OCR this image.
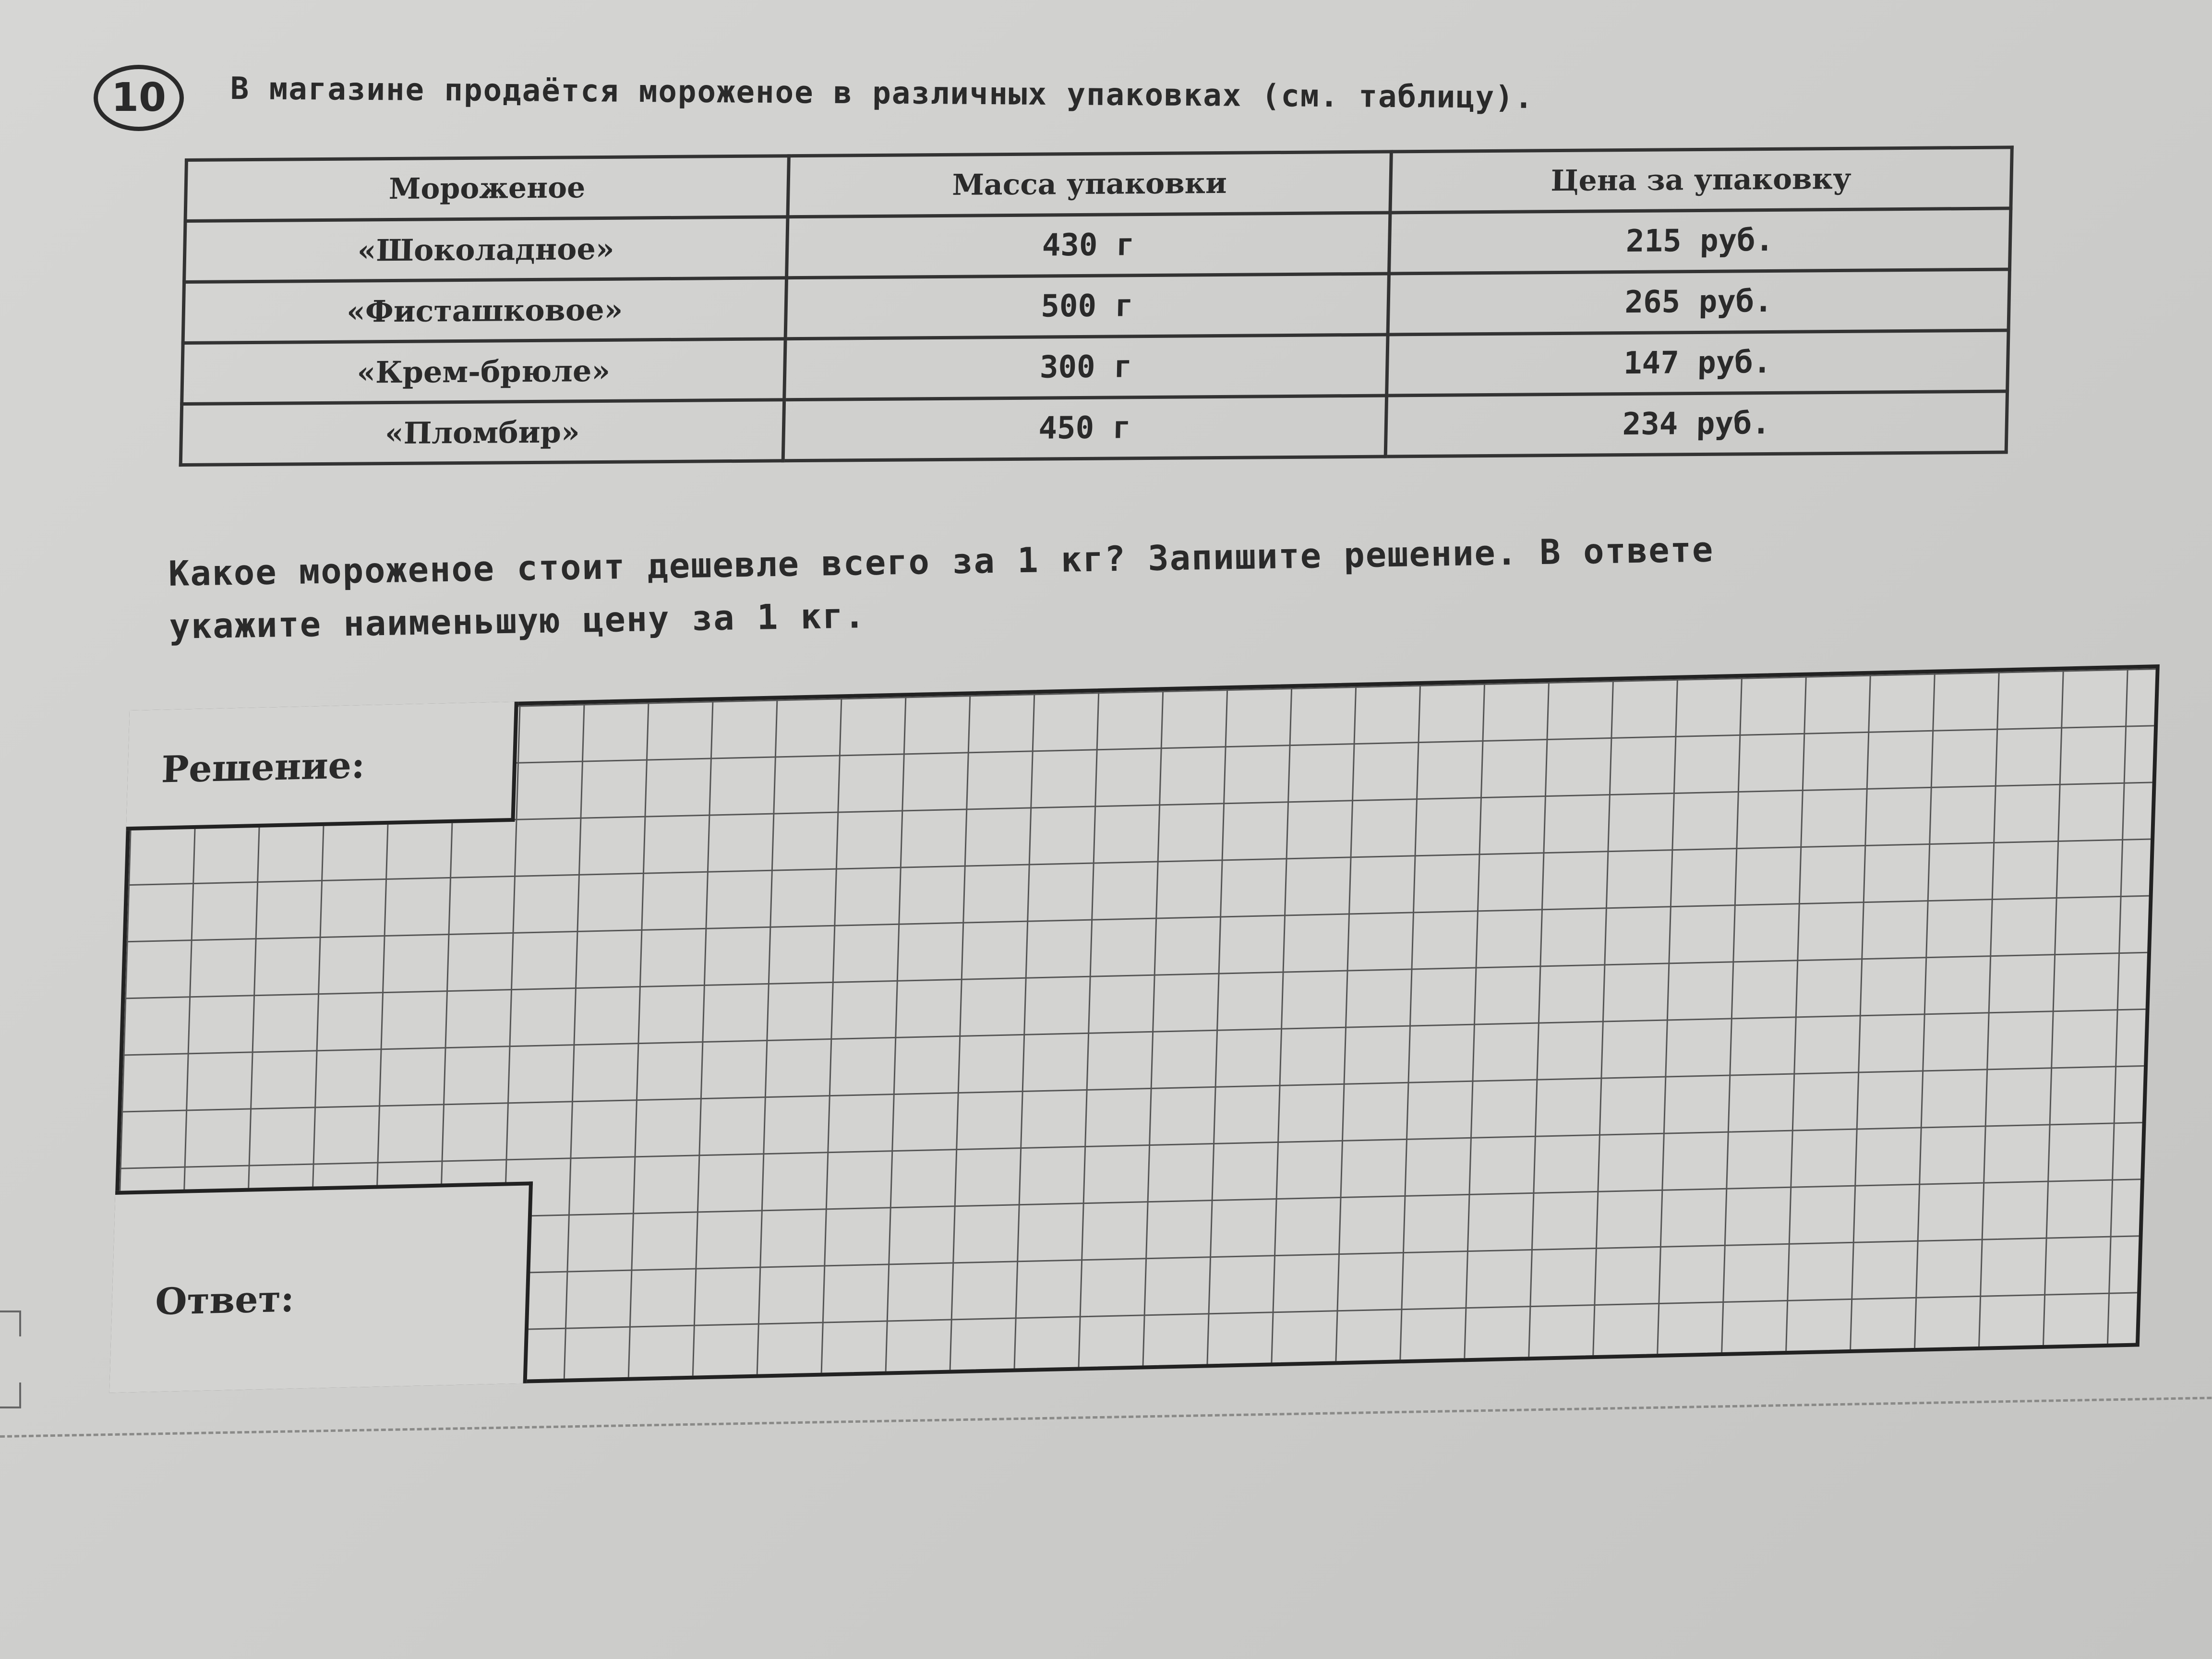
10	В магазине продаётся мороженое в различных упаковках (см. таблицу).
Мороженое	Масса упаковки	Цена за упаковку
«Шоколадное»	430 г	215 руб.
«Фисташковое»	500 г	265 руб.
«Крем-брюле»	300 г	147 руб.
«Пломбир»	450 г	234 руб.
Какое мороженое стоит дешевле всего за 1 кг? Запишите решение. В ответе
укажите наименьшую цену за 1 кг.
Решение:
Ответ:
